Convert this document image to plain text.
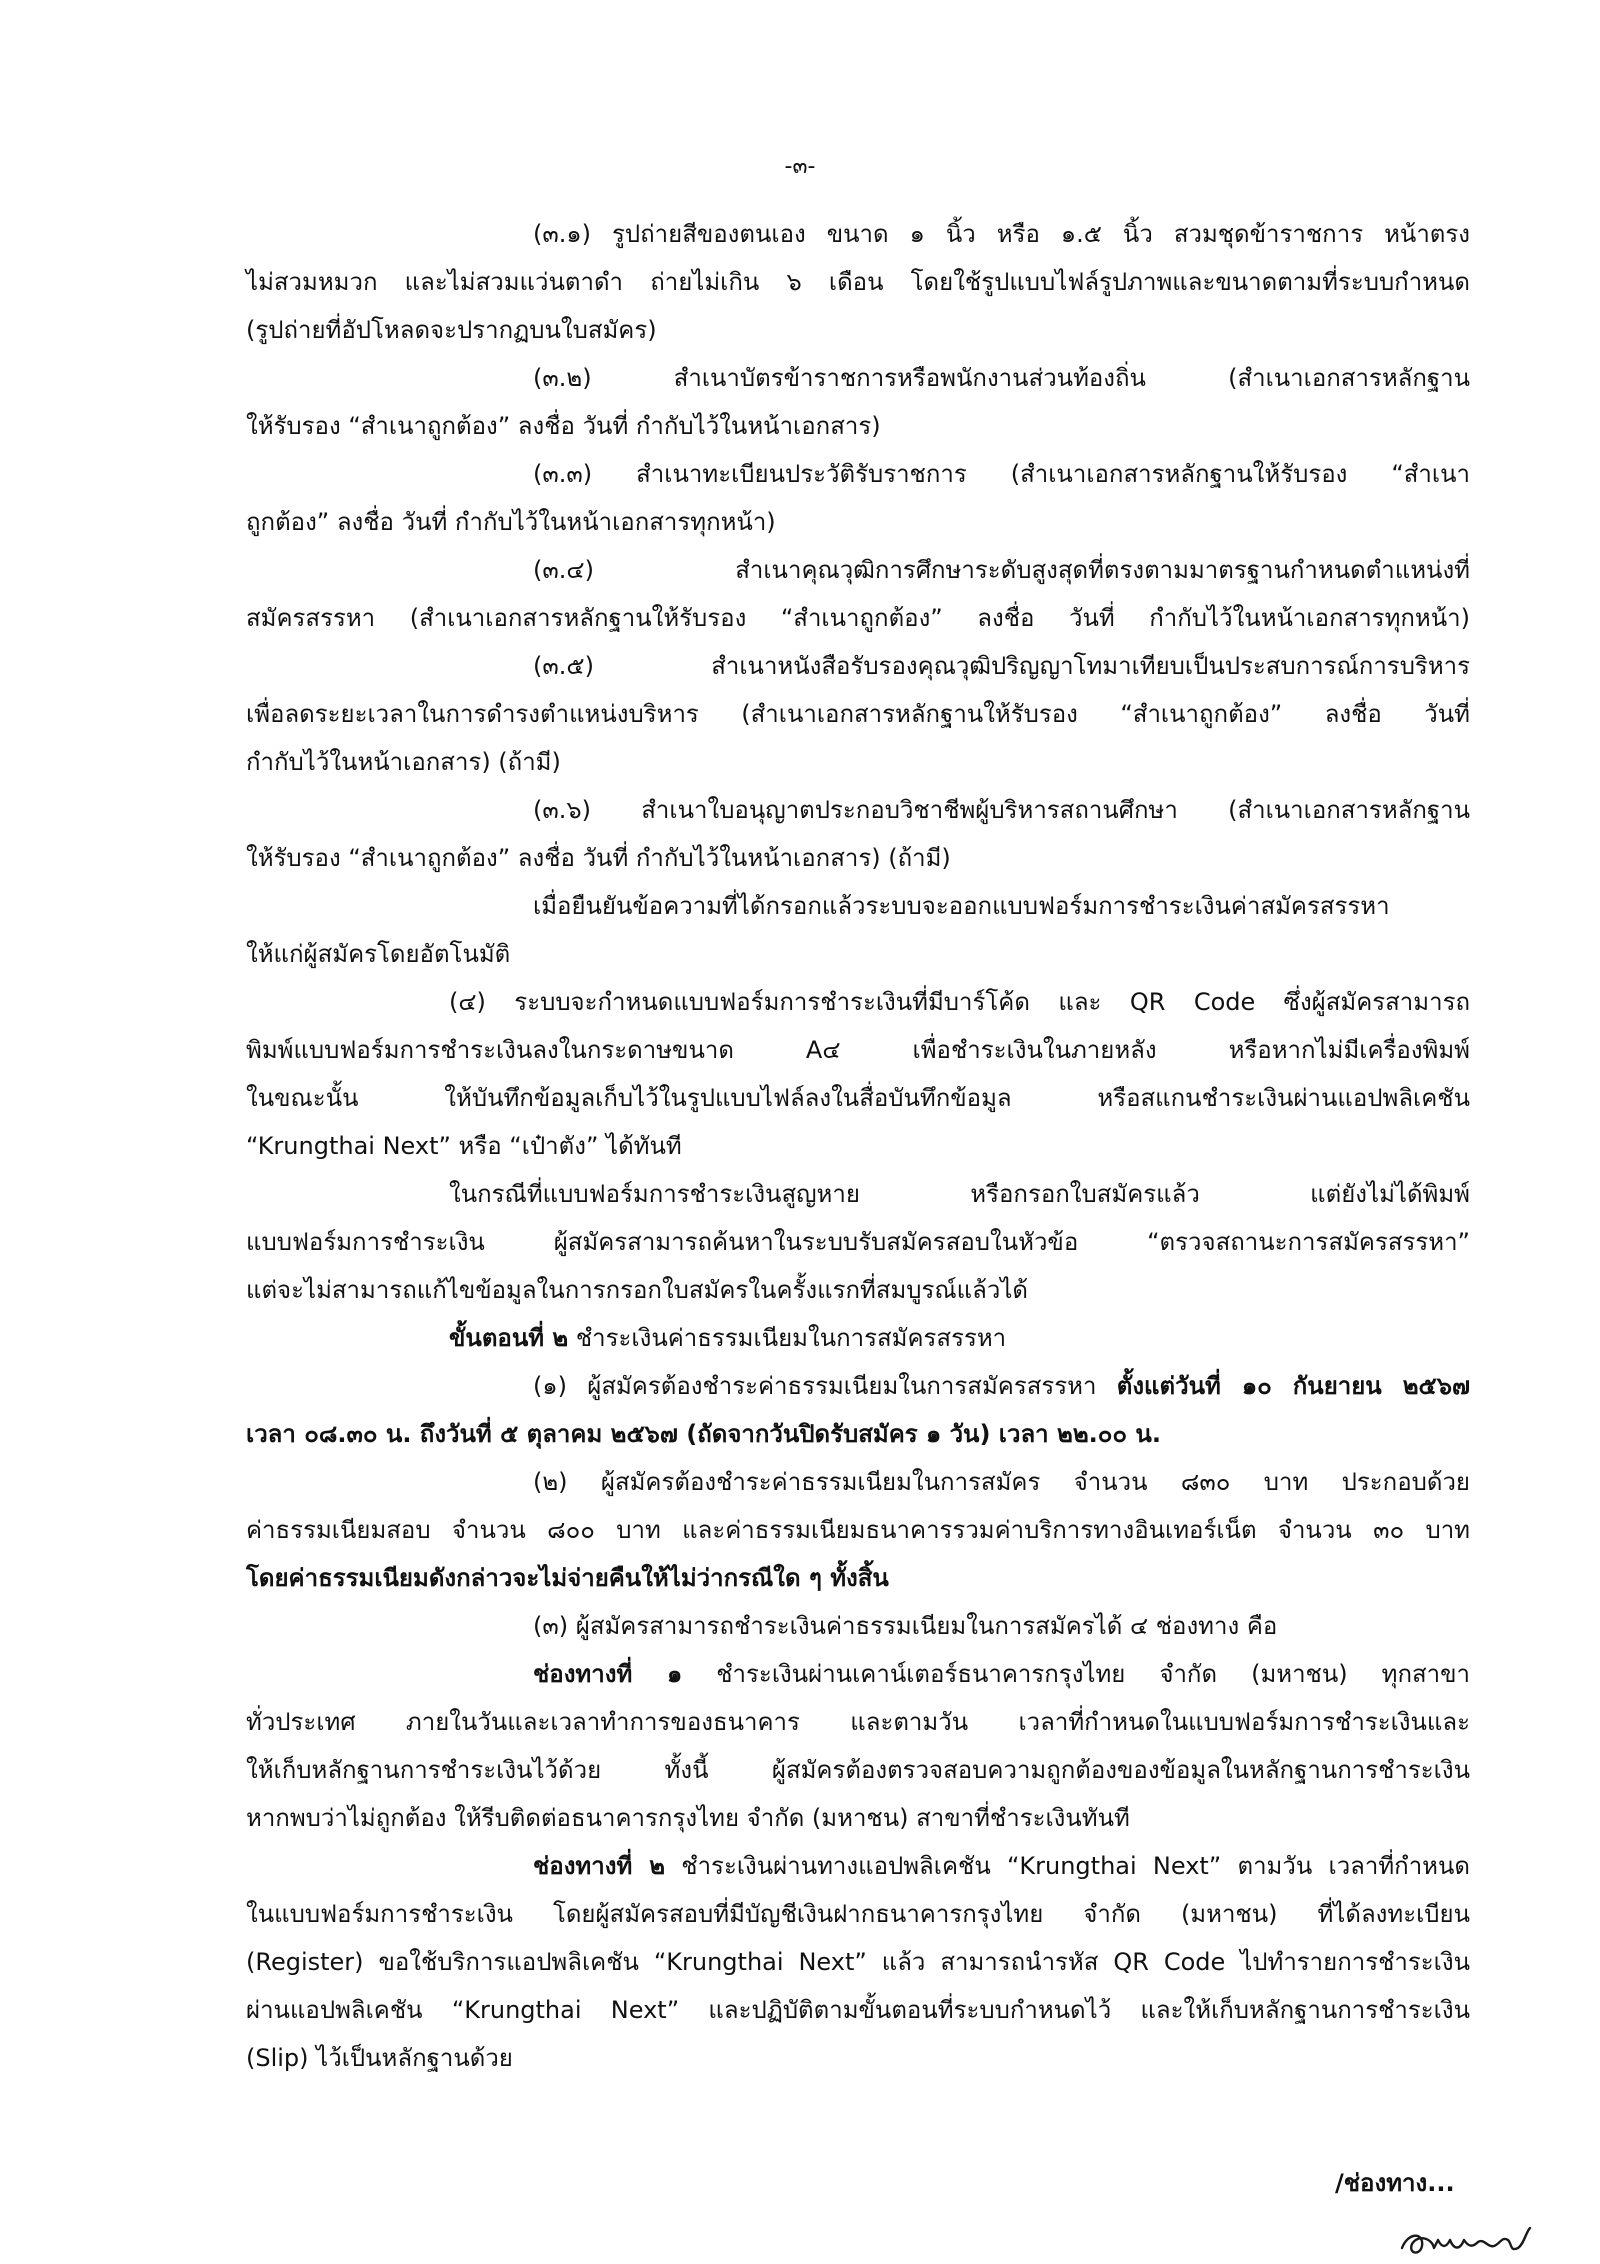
-๓-
(๓.๑) รูปถ่ายสีของตนเอง ขนาด ๑ นิ้ว หรือ ๑.๕ นิ้ว สวมชุดข้าราชการ หน้าตรง
ไม่สวมหมวก และไม่สวมแว่นตาดำ ถ่ายไม่เกิน ๖ เดือน โดยใช้รูปแบบไฟล์รูปภาพและขนาดตามที่ระบบกำหนด
(รูปถ่ายที่อัปโหลดจะปรากฏบนใบสมัคร)
(๓.๒) สำเนาบัตรข้าราชการหรือพนักงานส่วนท้องถิ่น (สำเนาเอกสารหลักฐาน
ให้รับรอง “สำเนาถูกต้อง” ลงชื่อ วันที่ กำกับไว้ในหน้าเอกสาร)
(๓.๓) สำเนาทะเบียนประวัติรับราชการ (สำเนาเอกสารหลักฐานให้รับรอง “สำเนา
ถูกต้อง” ลงชื่อ วันที่ กำกับไว้ในหน้าเอกสารทุกหน้า)
(๓.๔) สำเนาคุณวุฒิการศึกษาระดับสูงสุดที่ตรงตามมาตรฐานกำหนดตำแหน่งที่
สมัครสรรหา (สำเนาเอกสารหลักฐานให้รับรอง “สำเนาถูกต้อง” ลงชื่อ วันที่ กำกับไว้ในหน้าเอกสารทุกหน้า)
(๓.๕) สำเนาหนังสือรับรองคุณวุฒิปริญญาโทมาเทียบเป็นประสบการณ์การบริหาร
เพื่อลดระยะเวลาในการดำรงตำแหน่งบริหาร (สำเนาเอกสารหลักฐานให้รับรอง “สำเนาถูกต้อง” ลงชื่อ วันที่
กำกับไว้ในหน้าเอกสาร) (ถ้ามี)
(๓.๖) สำเนาใบอนุญาตประกอบวิชาชีพผู้บริหารสถานศึกษา (สำเนาเอกสารหลักฐาน
ให้รับรอง “สำเนาถูกต้อง” ลงชื่อ วันที่ กำกับไว้ในหน้าเอกสาร) (ถ้ามี)
เมื่อยืนยันข้อความที่ได้กรอกแล้วระบบจะออกแบบฟอร์มการชำระเงินค่าสมัครสรรหา
ให้แก่ผู้สมัครโดยอัตโนมัติ
(๔) ระบบจะกำหนดแบบฟอร์มการชำระเงินที่มีบาร์โค้ด และ QR Code ซึ่งผู้สมัครสามารถ
พิมพ์แบบฟอร์มการชำระเงินลงในกระดาษขนาด A๔ เพื่อชำระเงินในภายหลัง หรือหากไม่มีเครื่องพิมพ์
ในขณะนั้น ให้บันทึกข้อมูลเก็บไว้ในรูปแบบไฟล์ลงในสื่อบันทึกข้อมูล หรือสแกนชำระเงินผ่านแอปพลิเคชัน
“Krungthai Next” หรือ “เป๋าตัง” ได้ทันที
ในกรณีที่แบบฟอร์มการชำระเงินสูญหาย หรือกรอกใบสมัครแล้ว แต่ยังไม่ได้พิมพ์
แบบฟอร์มการชำระเงิน ผู้สมัครสามารถค้นหาในระบบรับสมัครสอบในหัวข้อ “ตรวจสถานะการสมัครสรรหา”
แต่จะไม่สามารถแก้ไขข้อมูลในการกรอกใบสมัครในครั้งแรกที่สมบูรณ์แล้วได้
ขั้นตอนที่ ๒ ชำระเงินค่าธรรมเนียมในการสมัครสรรหา
(๑) ผู้สมัครต้องชำระค่าธรรมเนียมในการสมัครสรรหา ตั้งแต่วันที่ ๑๐ กันยายน ๒๕๖๗
เวลา ๐๘.๓๐ น. ถึงวันที่ ๕ ตุลาคม ๒๕๖๗ (ถัดจากวันปิดรับสมัคร ๑ วัน) เวลา ๒๒.๐๐ น.
(๒) ผู้สมัครต้องชำระค่าธรรมเนียมในการสมัคร จำนวน ๘๓๐ บาท ประกอบด้วย
ค่าธรรมเนียมสอบ จำนวน ๘๐๐ บาท และค่าธรรมเนียมธนาคารรวมค่าบริการทางอินเทอร์เน็ต จำนวน ๓๐ บาท
โดยค่าธรรมเนียมดังกล่าวจะไม่จ่ายคืนให้ไม่ว่ากรณีใด ๆ ทั้งสิ้น
(๓) ผู้สมัครสามารถชำระเงินค่าธรรมเนียมในการสมัครได้ ๔ ช่องทาง คือ
ช่องทางที่ ๑ ชำระเงินผ่านเคาน์เตอร์ธนาคารกรุงไทย จำกัด (มหาชน) ทุกสาขา
ทั่วประเทศ ภายในวันและเวลาทำการของธนาคาร และตามวัน เวลาที่กำหนดในแบบฟอร์มการชำระเงินและ
ให้เก็บหลักฐานการชำระเงินไว้ด้วย ทั้งนี้ ผู้สมัครต้องตรวจสอบความถูกต้องของข้อมูลในหลักฐานการชำระเงิน
หากพบว่าไม่ถูกต้อง ให้รีบติดต่อธนาคารกรุงไทย จำกัด (มหาชน) สาขาที่ชำระเงินทันที
ช่องทางที่ ๒ ชำระเงินผ่านทางแอปพลิเคชัน “Krungthai Next” ตามวัน เวลาที่กำหนด
ในแบบฟอร์มการชำระเงิน โดยผู้สมัครสอบที่มีบัญชีเงินฝากธนาคารกรุงไทย จำกัด (มหาชน) ที่ได้ลงทะเบียน
(Register) ขอใช้บริการแอปพลิเคชัน “Krungthai Next” แล้ว สามารถนำรหัส QR Code ไปทำรายการชำระเงิน
ผ่านแอปพลิเคชัน “Krungthai Next” และปฏิบัติตามขั้นตอนที่ระบบกำหนดไว้ และให้เก็บหลักฐานการชำระเงิน
(Slip) ไว้เป็นหลักฐานด้วย
/ช่องทาง...
